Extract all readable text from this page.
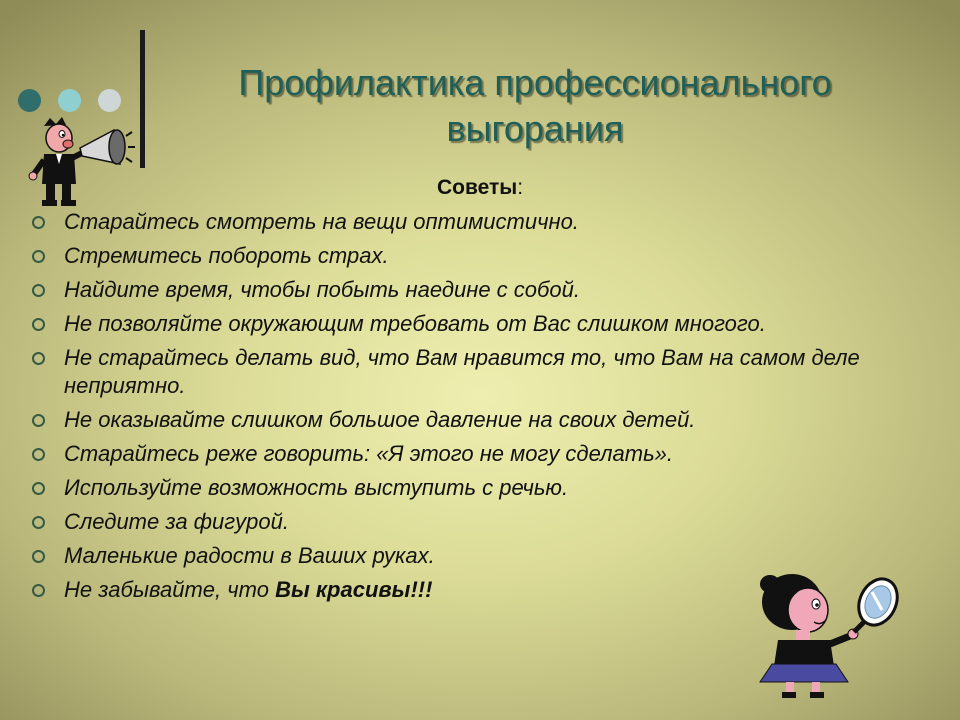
Профилактика профессионального
выгорания
Советы:
Старайтесь смотреть на вещи оптимистично.
Стремитесь побороть страх.
Найдите время, чтобы побыть наедине с собой.
Не позволяйте окружающим требовать от Вас слишком многого.
Не старайтесь делать вид, что Вам нравится то, что Вам на самом деле неприятно.
Не оказывайте слишком большое давление на своих детей.
Старайтесь реже говорить: «Я этого не могу сделать».
Используйте возможность выступить с речью.
Следите за фигурой.
Маленькие радости в Ваших руках.
Не забывайте, что Вы красивы!!!
